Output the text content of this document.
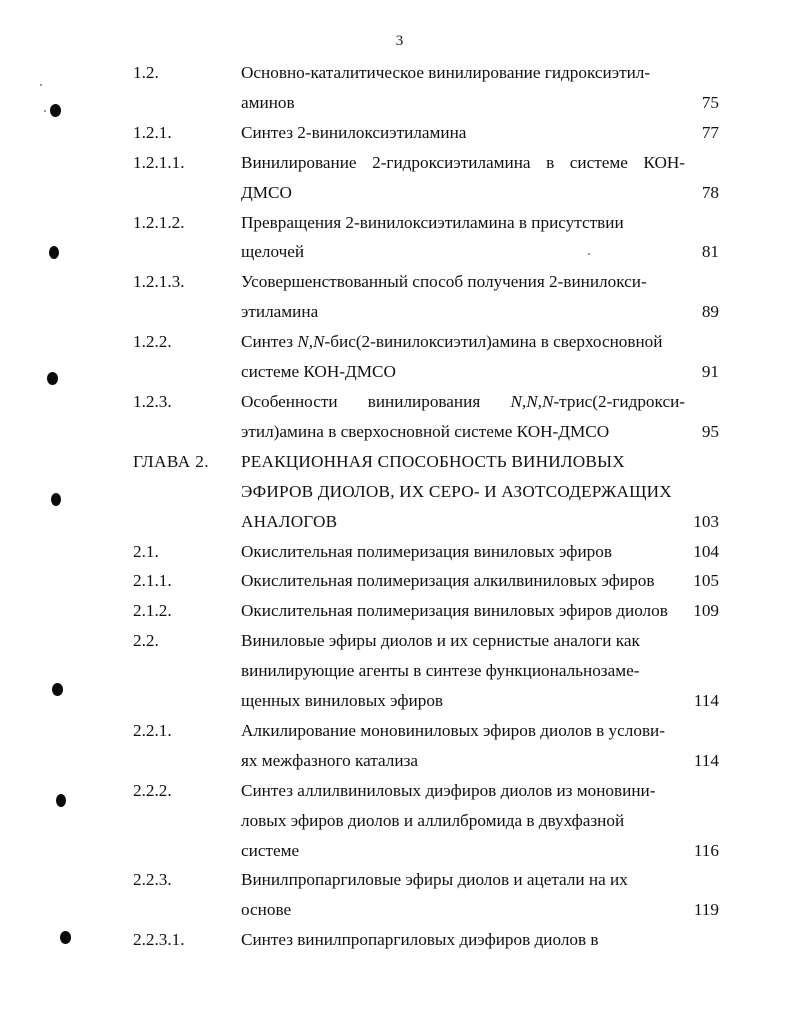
3
1.2.	Основно-каталитическое винилирование гидроксиэтил-
аминов	75
1.2.1.	Синтез 2-винилоксиэтиламина	77
1.2.1.1.	Винилирование 2-гидроксиэтиламина в системе КОН-
ДМСО	78
1.2.1.2.	Превращения 2-винилоксиэтиламина в присутствии
щелочей	81
1.2.1.3.	Усовершенствованный способ получения 2-винилокси-
этиламина	89
1.2.2.	Синтез N,N-бис(2-винилоксиэтил)амина в сверхосновной
системе КОН-ДМСО	91
1.2.3.	Особенности винилирования N,N,N-трис(2-гидрокси-
этил)амина в сверхосновной системе КОН-ДМСО	95
ГЛАВА 2. РЕАКЦИОННАЯ СПОСОБНОСТЬ ВИНИЛОВЫХ
ЭФИРОВ ДИОЛОВ, ИХ СЕРО- И АЗОТСОДЕРЖАЩИХ
АНАЛОГОВ	103
2.1.	Окислительная полимеризация виниловых эфиров	104
2.1.1.	Окислительная полимеризация алкилвиниловых эфиров	105
2.1.2.	Окислительная полимеризация виниловых эфиров диолов	109
2.2.	Виниловые эфиры диолов и их сернистые аналоги как
винилирующие агенты в синтезе функциональнозаме-
щенных виниловых эфиров	114
2.2.1.	Алкилирование моновиниловых эфиров диолов в услови-
ях межфазного катализа	114
2.2.2.	Синтез аллилвиниловых диэфиров диолов из моновини-
ловых эфиров диолов и аллилбромида в двухфазной
системе	116
2.2.3.	Винилпропаргиловые эфиры диолов и ацетали на их
основе	119
2.2.3.1.	Синтез винилпропаргиловых диэфиров диолов в
